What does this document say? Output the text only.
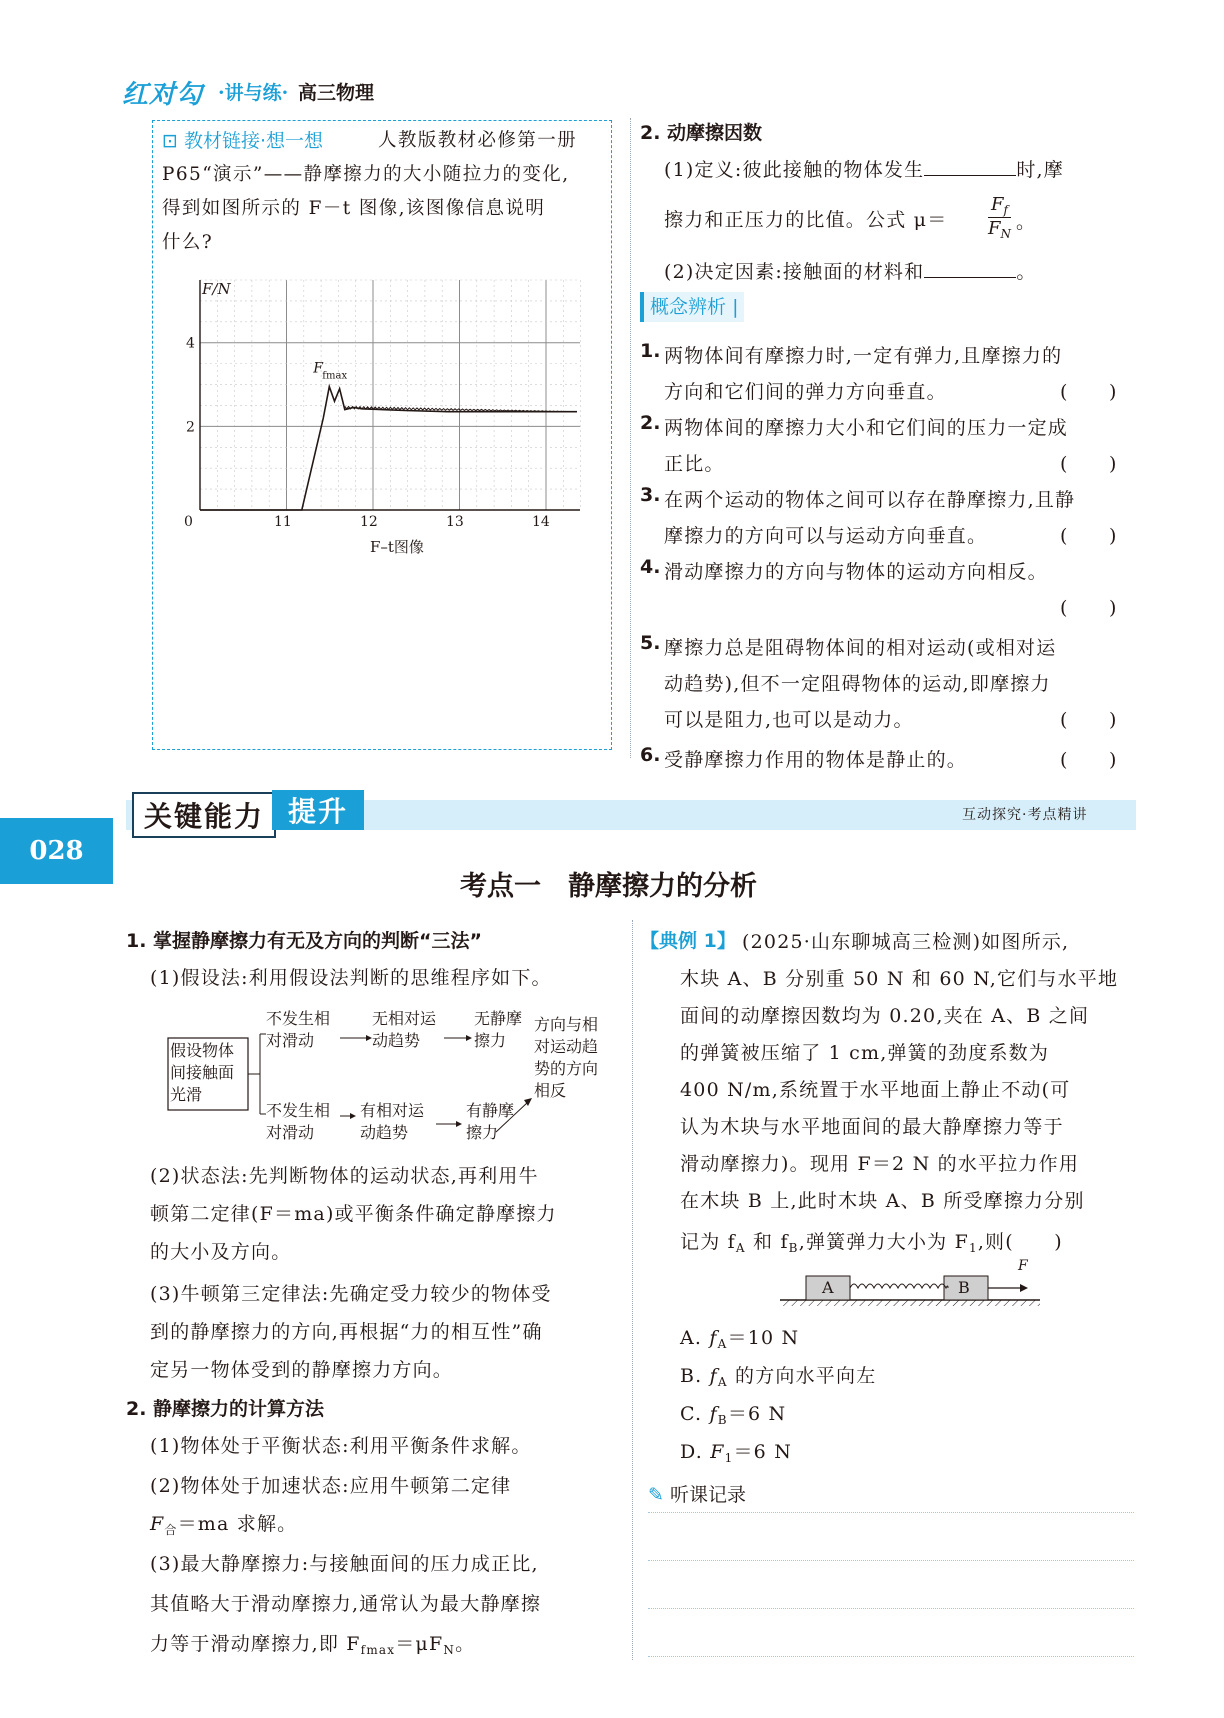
红对勾 ·讲与练· 高三物理
⊡ 教材链接·想一想	人教版教材必修第一册
P65“演示”——静摩擦力的大小随拉力的变化,
得到如图所示的 F－t 图像,该图像信息说明
什么?
F/N
2
4
0	11	12	13	14
F fmax
F–t图像
2. 动摩擦因数
(1)定义:彼此接触的物体发生	时,摩
擦力和正压力的比值。公式 μ＝
$F_f$
$F_N$
。
(2)决定因素:接触面的材料和	。
概念辨析 |
1. 两物体间有摩擦力时,一定有弹力,且摩擦力的
方向和它们间的弹力方向垂直。	(　　)
2. 两物体间的摩擦力大小和它们间的压力一定成
正比。	(　　)
3. 在两个运动的物体之间可以存在静摩擦力,且静
摩擦力的方向可以与运动方向垂直。	(　　)
4. 滑动摩擦力的方向与物体的运动方向相反。
(　　)
5. 摩擦力总是阻碍物体间的相对运动(或相对运
动趋势),但不一定阻碍物体的运动,即摩擦力
可以是阻力,也可以是动力。	(　　)
6. 受静摩擦力作用的物体是静止的。	(　　)
028
关键能力 提升	互动探究·考点精讲
考点一　静摩擦力的分析
1. 掌握静摩擦力有无及方向的判断“三法”
(1)假设法:利用假设法判断的思维程序如下。
假设物体
间接触面
光滑
不发生相
对滑动
无相对运
动趋势
无静摩
擦力
不发生相
对滑动
有相对运
动趋势
有静摩
擦力
方向与相
对运动趋
势的方向
相反
(2)状态法:先判断物体的运动状态,再利用牛
顿第二定律(F＝ma)或平衡条件确定静摩擦力
的大小及方向。
(3)牛顿第三定律法:先确定受力较少的物体受
到的静摩擦力的方向,再根据“力的相互性”确
定另一物体受到的静摩擦力方向。
2. 静摩擦力的计算方法
(1)物体处于平衡状态:利用平衡条件求解。
(2)物体处于加速状态:应用牛顿第二定律
$F_合=ma$ 求解。
(3)最大静摩擦力:与接触面间的压力成正比,
其值略大于滑动摩擦力,通常认为最大静摩擦
力等于滑动摩擦力,即 $F_{fmax}=\mu F_N$。
【典例 1】 (2025·山东聊城高三检测)如图所示,
木块 A、B 分别重 50 N 和 60 N,它们与水平地
面间的动摩擦因数均为 0.20,夹在 A、B 之间
的弹簧被压缩了 1 cm,弹簧的劲度系数为
400 N/m,系统置于水平地面上静止不动(可
认为木块与水平地面间的最大静摩擦力等于
滑动摩擦力)。现用 F＝2 N 的水平拉力作用
在木块 B 上,此时木块 A、B 所受摩擦力分别
记为 $f_A$ 和 $f_B$,弹簧弹力大小为 $F_1$,则(　　)
A	B
F
A. $f_A=10$ N
B. $f_A$ 的方向水平向左
C. $f_B=6$ N
D. $F_1=6$ N
✎ 听课记录
